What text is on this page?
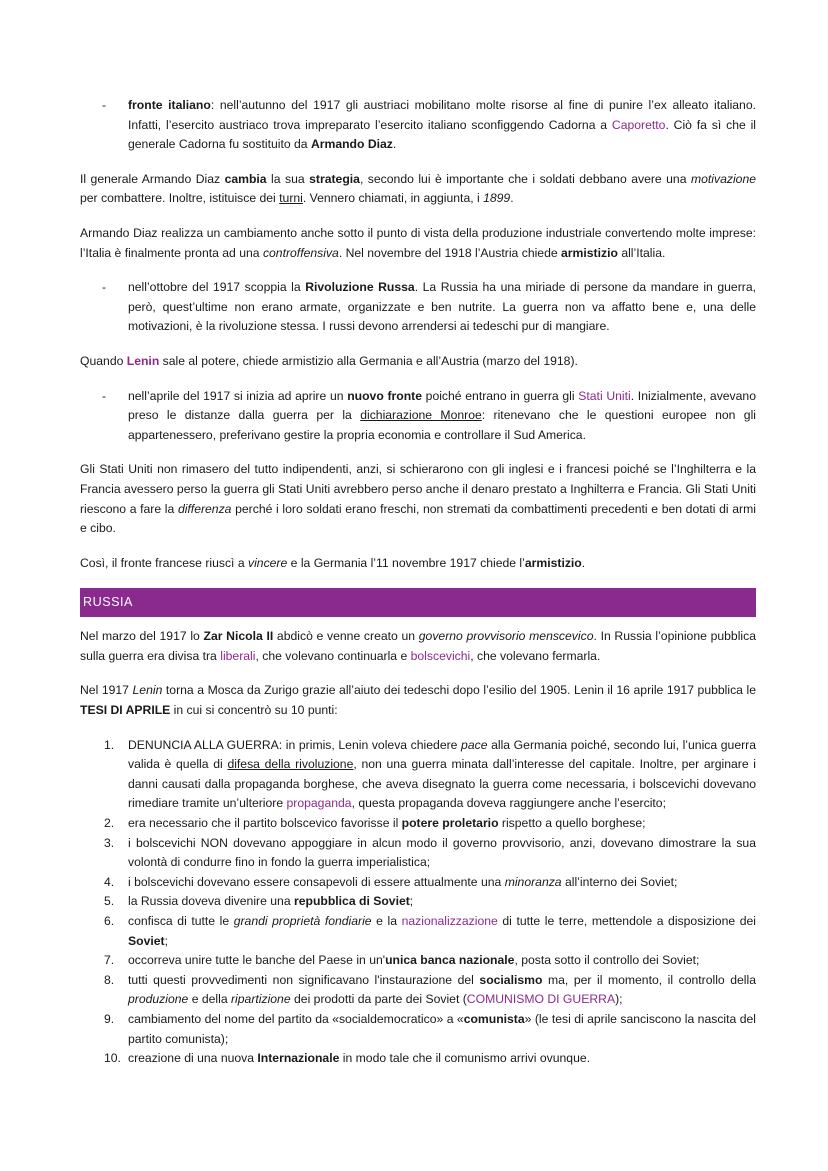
- fronte italiano: nell’autunno del 1917 gli austriaci mobilitano molte risorse al fine di punire l’ex alleato italiano. Infatti, l’esercito austriaco trova impreparato l’esercito italiano sconfiggendo Cadorna a Caporetto. Ciò fa sì che il generale Cadorna fu sostituito da Armando Diaz.

Il generale Armando Diaz cambia la sua strategia, secondo lui è importante che i soldati debbano avere una motivazione per combattere. Inoltre, istituisce dei turni. Vennero chiamati, in aggiunta, i 1899.

Armando Diaz realizza un cambiamento anche sotto il punto di vista della produzione industriale convertendo molte imprese: l’Italia è finalmente pronta ad una controffensiva. Nel novembre del 1918 l’Austria chiede armistizio all’Italia.

- nell’ottobre del 1917 scoppia la Rivoluzione Russa. La Russia ha una miriade di persone da mandare in guerra, però, quest’ultime non erano armate, organizzate e ben nutrite. La guerra non va affatto bene e, una delle motivazioni, è la rivoluzione stessa. I russi devono arrendersi ai tedeschi pur di mangiare.

Quando Lenin sale al potere, chiede armistizio alla Germania e all’Austria (marzo del 1918).

- nell’aprile del 1917 si inizia ad aprire un nuovo fronte poiché entrano in guerra gli Stati Uniti. Inizialmente, avevano preso le distanze dalla guerra per la dichiarazione Monroe: ritenevano che le questioni europee non gli appartenessero, preferivano gestire la propria economia e controllare il Sud America.

Gli Stati Uniti non rimasero del tutto indipendenti, anzi, si schierarono con gli inglesi e i francesi poiché se l’Inghilterra e la Francia avessero perso la guerra gli Stati Uniti avrebbero perso anche il denaro prestato a Inghilterra e Francia. Gli Stati Uniti riescono a fare la differenza perché i loro soldati erano freschi, non stremati da combattimenti precedenti e ben dotati di armi e cibo.

Così, il fronte francese riuscì a vincere e la Germania l’11 novembre 1917 chiede l’armistizio.

RUSSIA

Nel marzo del 1917 lo Zar Nicola II abdicò e venne creato un governo provvisorio menscevico. In Russia l’opinione pubblica sulla guerra era divisa tra liberali, che volevano continuarla e bolscevichi, che volevano fermarla.

Nel 1917 Lenin torna a Mosca da Zurigo grazie all’aiuto dei tedeschi dopo l’esilio del 1905. Lenin il 16 aprile 1917 pubblica le TESI DI APRILE in cui si concentrò su 10 punti:

1. DENUNCIA ALLA GUERRA: in primis, Lenin voleva chiedere pace alla Germania poiché, secondo lui, l’unica guerra valida è quella di difesa della rivoluzione, non una guerra minata dall’interesse del capitale. Inoltre, per arginare i danni causati dalla propaganda borghese, che aveva disegnato la guerra come necessaria, i bolscevichi dovevano rimediare tramite un’ulteriore propaganda, questa propaganda doveva raggiungere anche l’esercito;
2. era necessario che il partito bolscevico favorisse il potere proletario rispetto a quello borghese;
3. i bolscevichi NON dovevano appoggiare in alcun modo il governo provvisorio, anzi, dovevano dimostrare la sua volontà di condurre fino in fondo la guerra imperialistica;
4. i bolscevichi dovevano essere consapevoli di essere attualmente una minoranza all’interno dei Soviet;
5. la Russia doveva divenire una repubblica di Soviet;
6. confisca di tutte le grandi proprietà fondiarie e la nazionalizzazione di tutte le terre, mettendole a disposizione dei Soviet;
7. occorreva unire tutte le banche del Paese in un'unica banca nazionale, posta sotto il controllo dei Soviet;
8. tutti questi provvedimenti non significavano l'instaurazione del socialismo ma, per il momento, il controllo della produzione e della ripartizione dei prodotti da parte dei Soviet (COMUNISMO DI GUERRA);
9. cambiamento del nome del partito da «socialdemocratico» a «comunista» (le tesi di aprile sanciscono la nascita del partito comunista);
10. creazione di una nuova Internazionale in modo tale che il comunismo arrivi ovunque.
